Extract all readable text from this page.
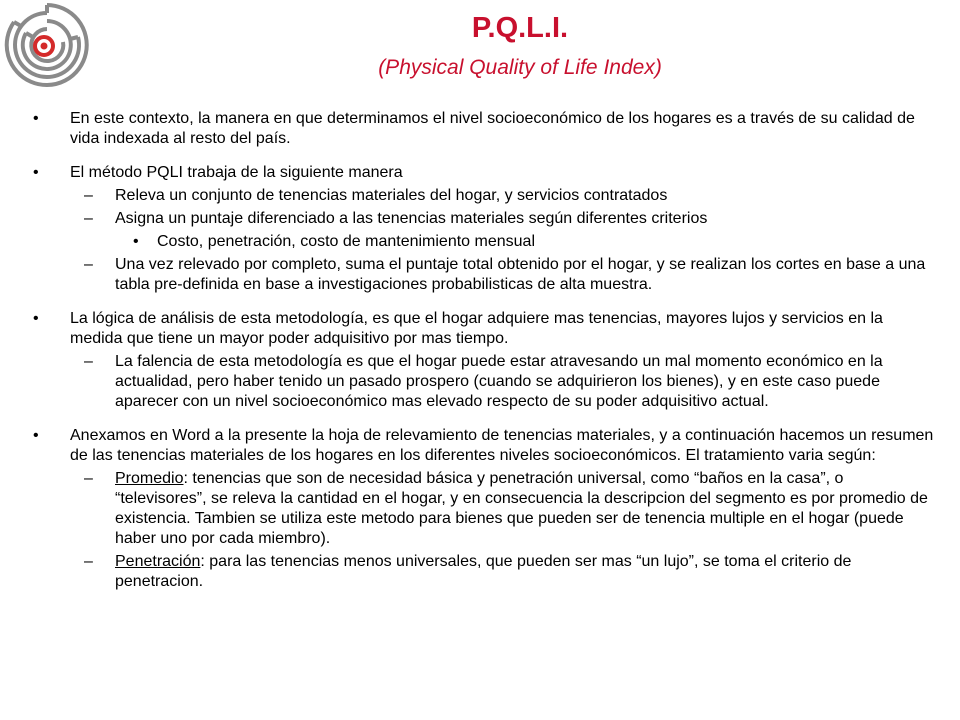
P.Q.L.I.
(Physical Quality of Life Index)
• En este contexto, la manera en que determinamos el nivel socioeconómico de los hogares es a través de su calidad de vida indexada al resto del país.
• El método PQLI trabaja de la siguiente manera
– Releva un conjunto de tenencias materiales del hogar, y servicios contratados
– Asigna un puntaje diferenciado a las tenencias materiales según diferentes criterios
• Costo, penetración, costo de mantenimiento mensual
– Una vez relevado por completo, suma el puntaje total obtenido por el hogar, y se realizan los cortes en base a una tabla pre-definida en base a investigaciones probabilisticas de alta muestra.
• La lógica de análisis de esta metodología, es que el hogar adquiere mas tenencias, mayores lujos y servicios en la medida que tiene un mayor poder adquisitivo por mas tiempo.
– La falencia de esta metodología es que el hogar puede estar atravesando un mal momento económico en la actualidad, pero haber tenido un pasado prospero (cuando se adquirieron los bienes), y en este caso puede aparecer con un nivel socioeconómico mas elevado respecto de su poder adquisitivo actual.
• Anexamos en Word a la presente la hoja de relevamiento de tenencias materiales, y a continuación hacemos un resumen de las tenencias materiales de los hogares en los diferentes niveles socioeconómicos. El tratamiento varia según:
– Promedio: tenencias que son de necesidad básica y penetración universal, como “baños en la casa”, o “televisores”, se releva la cantidad en el hogar, y en consecuencia la descripcion del segmento es por promedio de existencia. Tambien se utiliza este metodo para bienes que pueden ser de tenencia multiple en el hogar (puede haber uno por cada miembro).
– Penetración: para las tenencias menos universales, que pueden ser mas “un lujo”, se toma el criterio de penetracion.
